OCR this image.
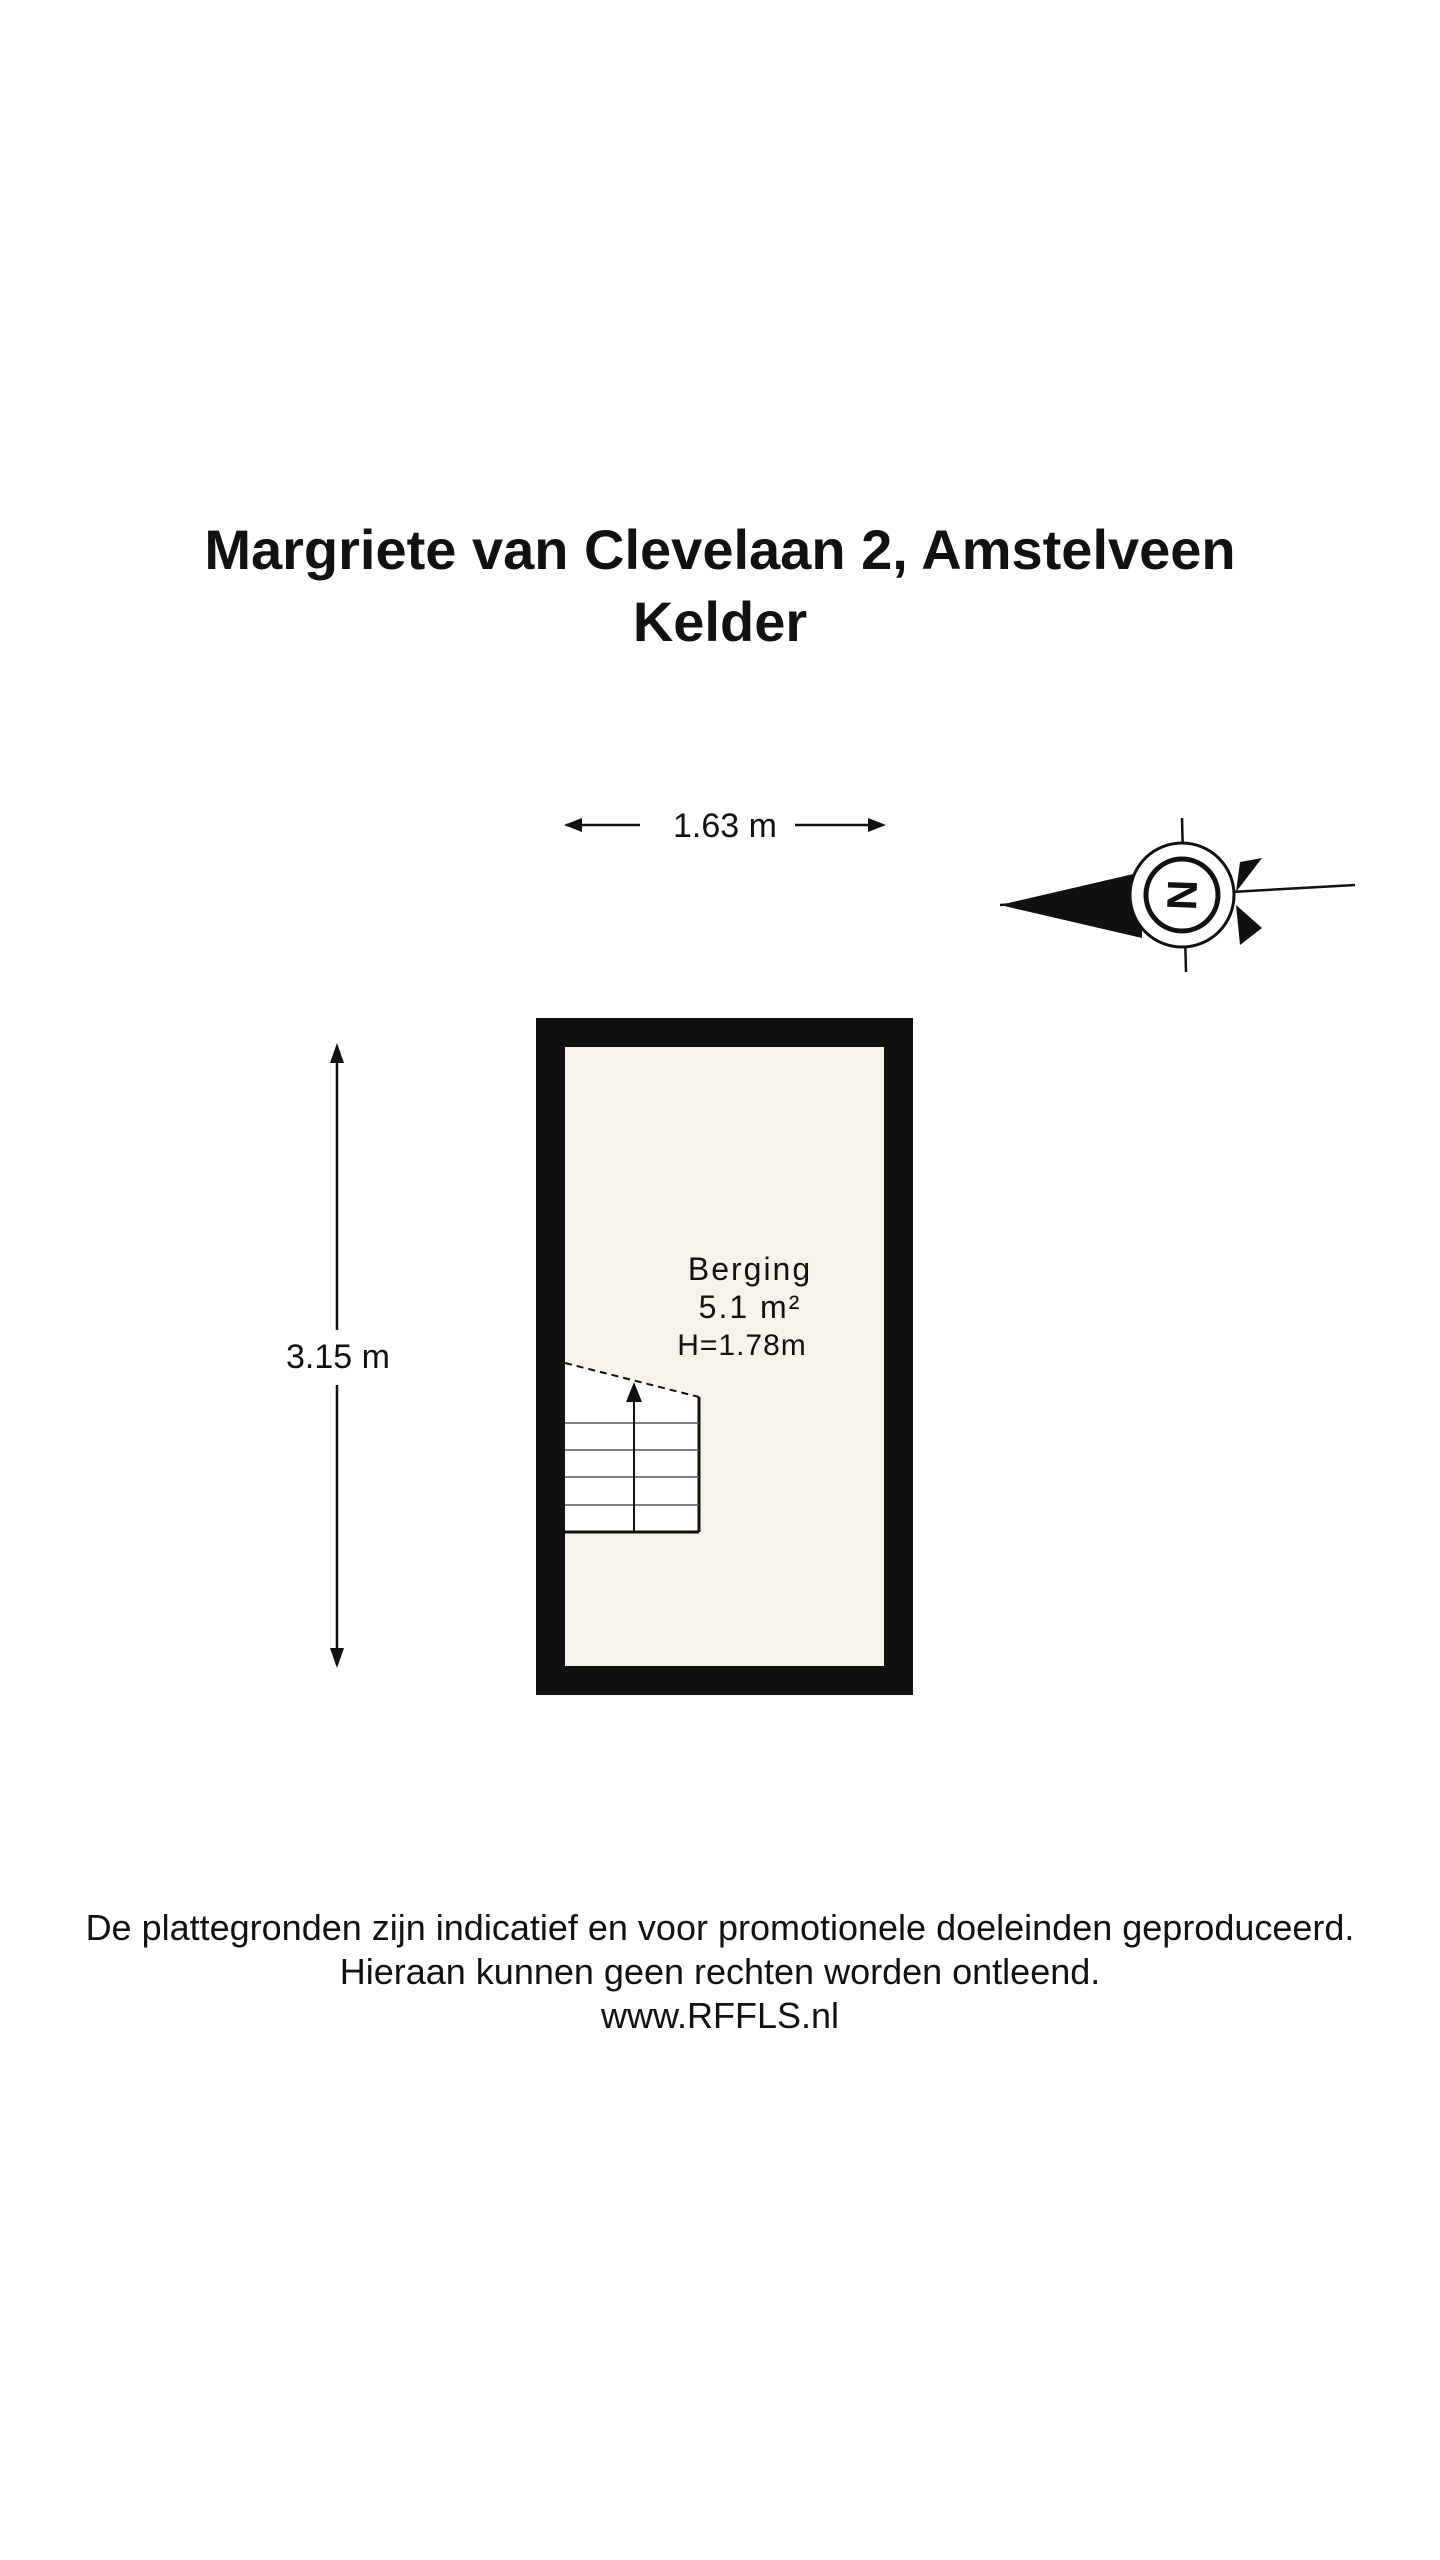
Margriete van Clevelaan 2, Amstelveen
Kelder
1.63 m
3.15 m
N
Berging
5.1 m²
H=1.78m
De plattegronden zijn indicatief en voor promotionele doeleinden geproduceerd.
Hieraan kunnen geen rechten worden ontleend.
www.RFFLS.nl
